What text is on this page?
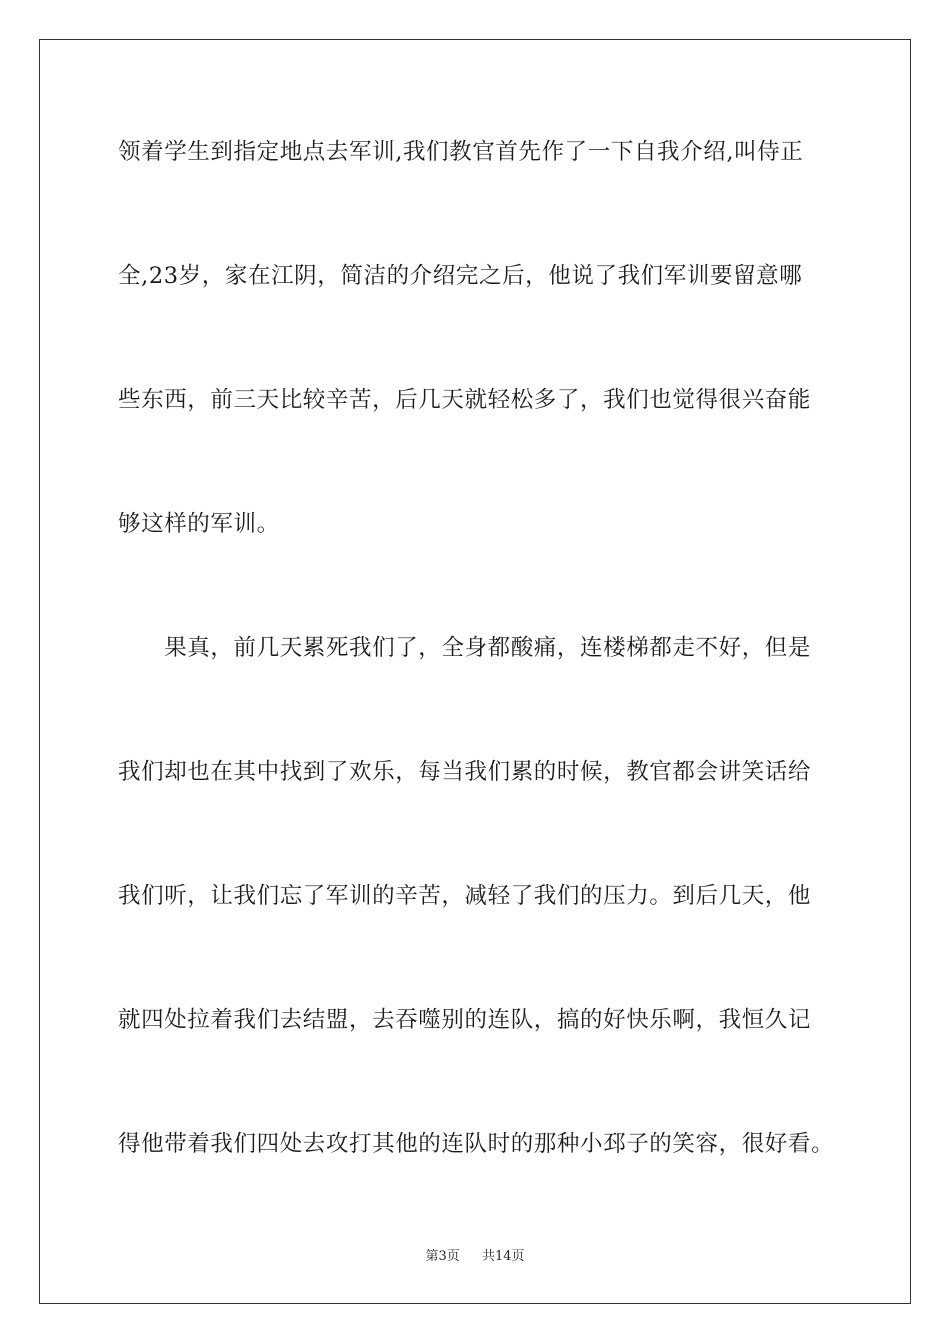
领着学生到指定地点去军训,我们教官首先作了一下自我介绍,叫侍正
全,23岁，家在江阴，简洁的介绍完之后，他说了我们军训要留意哪
些东西，前三天比较辛苦，后几天就轻松多了，我们也觉得很兴奋能
够这样的军训。
　　果真，前几天累死我们了，全身都酸痛，连楼梯都走不好，但是
我们却也在其中找到了欢乐，每当我们累的时候，教官都会讲笑话给
我们听，让我们忘了军训的辛苦，减轻了我们的压力。到后几天，他
就四处拉着我们去结盟，去吞噬别的连队，搞的好快乐啊，我恒久记
得他带着我们四处去攻打其他的连队时的那种小邳子的笑容，很好看。
第3页 共14页
